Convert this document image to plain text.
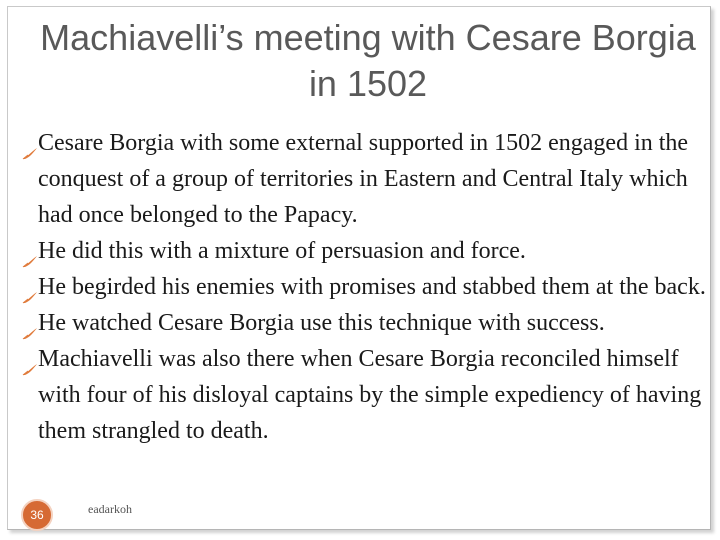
Machiavelli’s meeting with Cesare Borgia in 1502
Cesare Borgia with some external supported in 1502 engaged in the conquest of a group of territories in Eastern and Central Italy which had once belonged to the Papacy.
He did this with a mixture of persuasion and force.
He begirded his enemies with promises and stabbed them at the back.
He watched Cesare Borgia use this technique with success.
Machiavelli was also there when Cesare Borgia reconciled himself with four of his disloyal captains by the simple expediency of having them strangled to death.
36	eadarkoh
